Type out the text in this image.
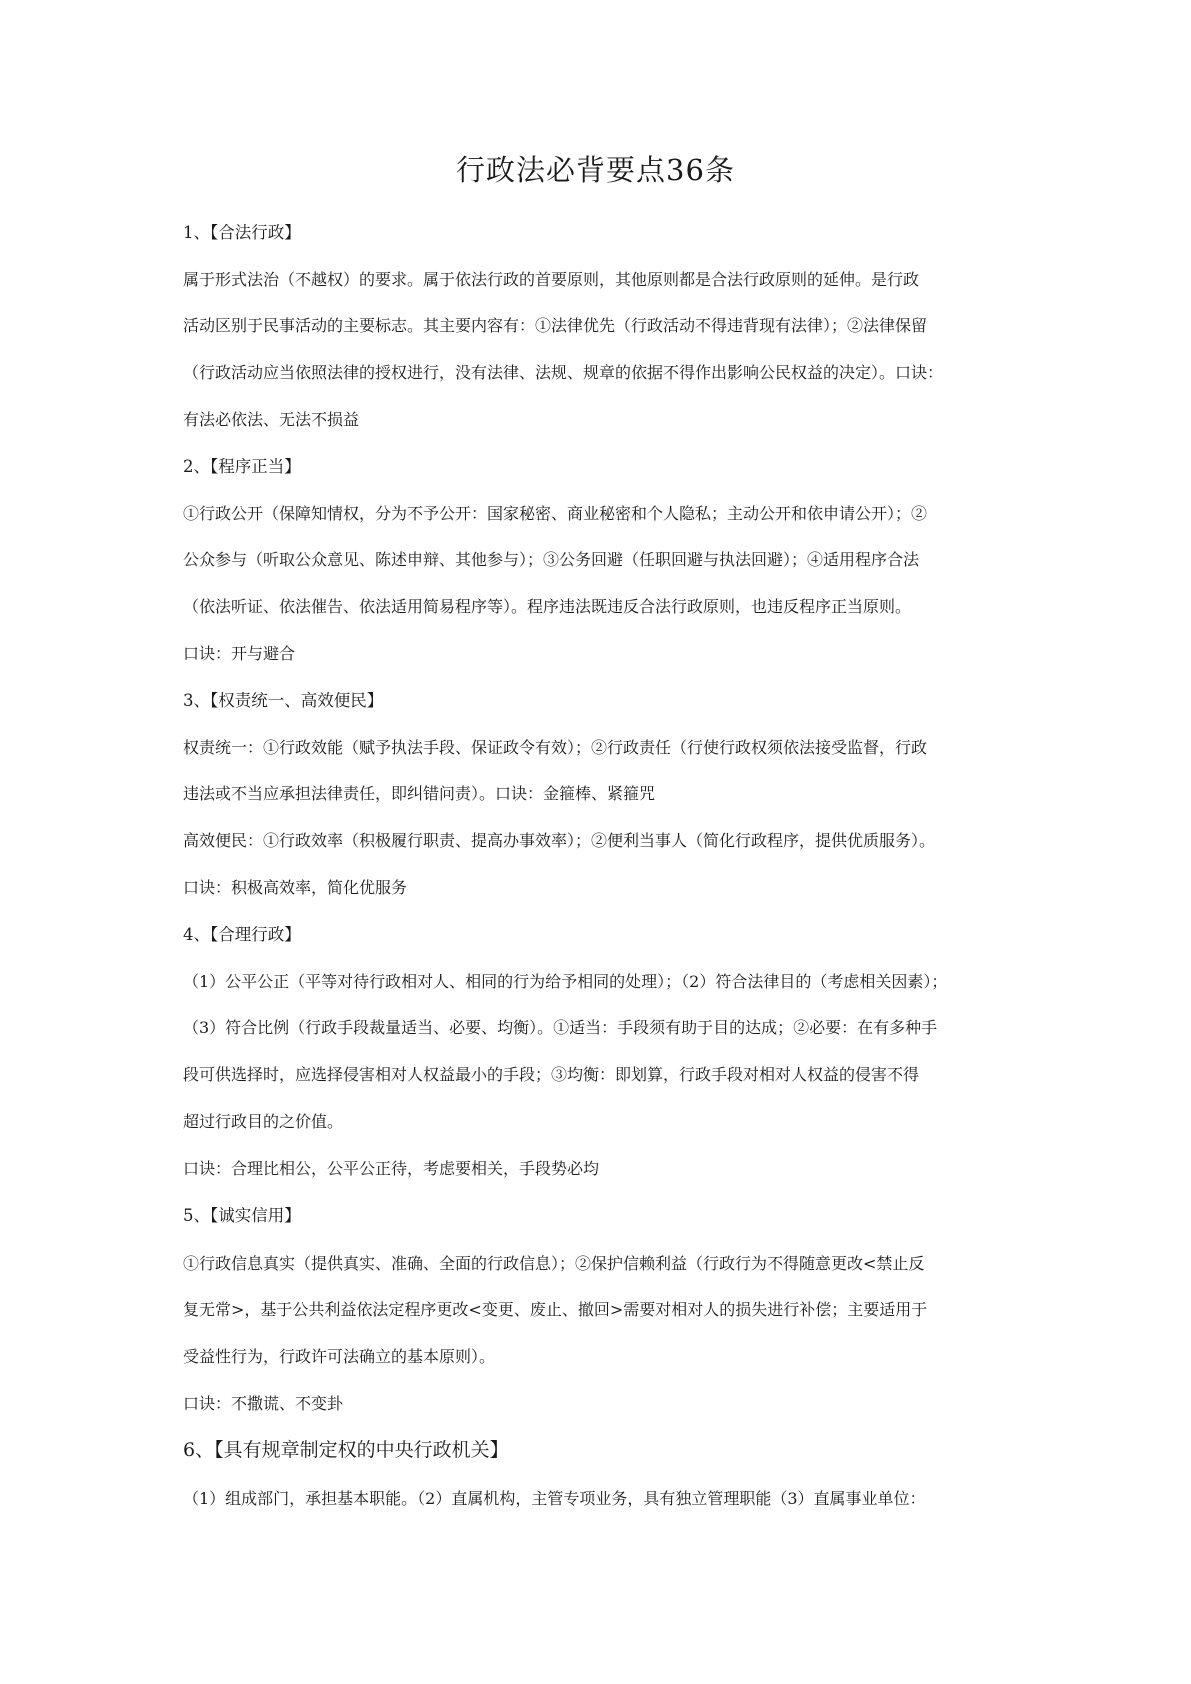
行政法必背要点36条
1、【合法行政】
属于形式法治（不越权）的要求。属于依法行政的首要原则，其他原则都是合法行政原则的延伸。是行政
活动区别于民事活动的主要标志。其主要内容有：①法律优先（行政活动不得违背现有法律）；②法律保留
（行政活动应当依照法律的授权进行，没有法律、法规、规章的依据不得作出影响公民权益的决定）。口诀：
有法必依法、无法不损益
2、【程序正当】
①行政公开（保障知情权，分为不予公开：国家秘密、商业秘密和个人隐私；主动公开和依申请公开）；②
公众参与（听取公众意见、陈述申辩、其他参与）；③公务回避（任职回避与执法回避）；④适用程序合法
（依法听证、依法催告、依法适用简易程序等）。程序违法既违反合法行政原则，也违反程序正当原则。
口诀：开与避合
3、【权责统一、高效便民】
权责统一：①行政效能（赋予执法手段、保证政令有效）；②行政责任（行使行政权须依法接受监督，行政
违法或不当应承担法律责任，即纠错问责）。口诀：金箍棒、紧箍咒
高效便民：①行政效率（积极履行职责、提高办事效率）；②便利当事人（简化行政程序，提供优质服务）。
口诀：积极高效率，简化优服务
4、【合理行政】
（1）公平公正（平等对待行政相对人、相同的行为给予相同的处理）；（2）符合法律目的（考虑相关因素）；
（3）符合比例（行政手段裁量适当、必要、均衡）。①适当：手段须有助于目的达成；②必要：在有多种手
段可供选择时，应选择侵害相对人权益最小的手段；③均衡：即划算，行政手段对相对人权益的侵害不得
超过行政目的之价值。
口诀：合理比相公，公平公正待，考虑要相关，手段势必均
5、【诚实信用】
①行政信息真实（提供真实、准确、全面的行政信息）；②保护信赖利益（行政行为不得随意更改<禁止反
复无常>，基于公共利益依法定程序更改<变更、废止、撤回>需要对相对人的损失进行补偿；主要适用于
受益性行为，行政许可法确立的基本原则）。
口诀：不撒谎、不变卦
6、【具有规章制定权的中央行政机关】
（1）组成部门，承担基本职能。（2）直属机构，主管专项业务，具有独立管理职能（3）直属事业单位：
